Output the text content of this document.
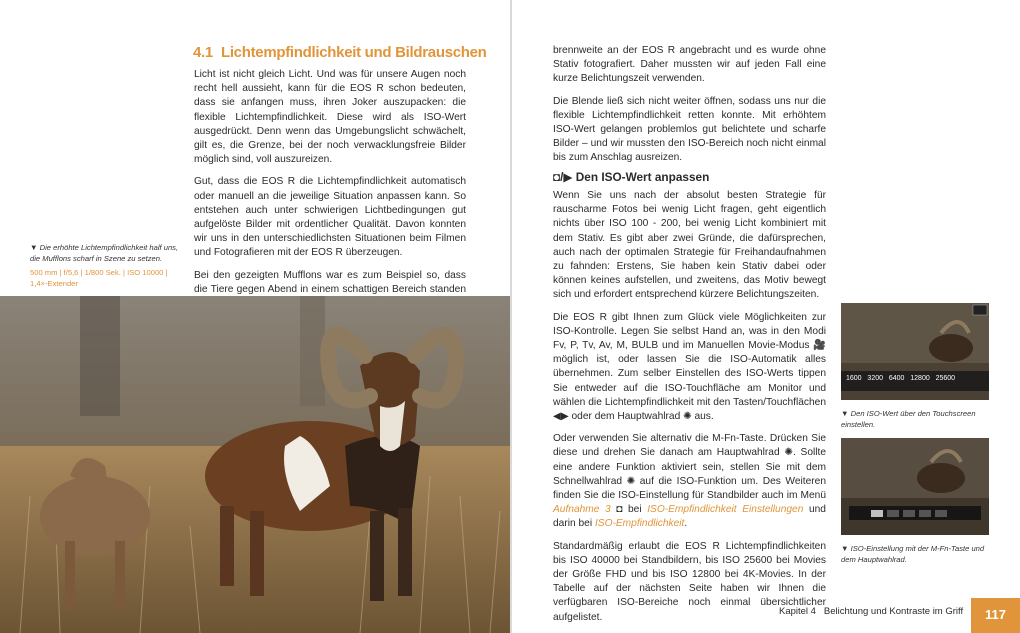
4.1 Lichtempfindlichkeit und Bildrauschen

Licht ist nicht gleich Licht. Und was für unsere Augen noch recht hell aussieht, kann für die EOS R schon bedeuten, dass sie anfangen muss, ihren Joker auszupacken: die flexible Lichtempfindlichkeit. Diese wird als ISO-Wert ausgedrückt. Denn wenn das Umgebungslicht schwächelt, gilt es, die Grenze, bei der noch verwacklungsfreie Bilder möglich sind, voll auszureizen.

Gut, dass die EOS R die Lichtempfindlichkeit automatisch oder manuell an die jeweilige Situation anpassen kann. So entstehen auch unter schwierigen Lichtbedingungen gut aufgelöste Bilder mit ordentlicher Qualität. Davon konnten wir uns in den unterschiedlichsten Situationen beim Filmen und Fotografieren mit der EOS R überzeugen.

Bei den gezeigten Mufflons war es zum Beispiel so, dass die Tiere gegen Abend in einem schattigen Bereich standen

▼ Die erhöhte Lichtempfindlichkeit half uns, die Mufflons scharf in Szene zu setzen.
500 mm | f/5,6 | 1/800 Sek. | ISO 10000 | 1,4×-Extender

brennweite an der EOS R angebracht und es wurde ohne Stativ fotografiert. Daher mussten wir auf jeden Fall eine kurze Belichtungszeit verwenden.

Die Blende ließ sich nicht weiter öffnen, sodass uns nur die flexible Lichtempfindlichkeit retten konnte. Mit erhöhtem ISO-Wert gelangen problemlos gut belichtete und scharfe Bilder – und wir mussten den ISO-Bereich noch nicht einmal bis zum Anschlag ausreizen.

◘/▶ Den ISO-Wert anpassen

Wenn Sie uns nach der absolut besten Strategie für rauscharme Fotos bei wenig Licht fragen, geht eigentlich nichts über ISO 100 - 200, bei wenig Licht kombiniert mit dem Stativ. Es gibt aber zwei Gründe, die dafürsprechen, auch nach der optimalen Strategie für Freihandaufnahmen zu fahnden: Erstens, Sie haben kein Stativ dabei oder können keines aufstellen, und zweitens, das Motiv bewegt sich und erfordert entsprechend kürzere Belichtungszeiten.

Die EOS R gibt Ihnen zum Glück viele Möglichkeiten zur ISO-Kontrolle. Legen Sie selbst Hand an, was in den Modi Fv, P, Tv, Av, M, BULB und im Manuellen Movie-Modus 🎥 möglich ist, oder lassen Sie die ISO-Automatik alles übernehmen. Zum selber Einstellen des ISO-Werts tippen Sie entweder auf die ISO-Touchfläche am Monitor und wählen die Lichtempfindlichkeit mit den Tasten/Touchflächen ◀▶ oder dem Hauptwahlrad ✺ aus.

Oder verwenden Sie alternativ die M-Fn-Taste. Drücken Sie diese und drehen Sie danach am Hauptwahlrad ✺. Sollte eine andere Funktion aktiviert sein, stellen Sie mit dem Schnellwahlrad ✺ auf die ISO-Funktion um. Des Weiteren finden Sie die ISO-Einstellung für Standbilder auch im Menü Aufnahme 3 ◘ bei ISO-Empfindlichkeit Einstellungen und darin bei ISO-Empfindlichkeit.

Standardmäßig erlaubt die EOS R Lichtempfindlichkeiten bis ISO 40000 bei Standbildern, bis ISO 25600 bei Movies der Größe FHD und bis ISO 12800 bei 4K-Movies. In der Tabelle auf der nächsten Seite haben wir Ihnen die verfügbaren ISO-Bereiche noch einmal übersichtlicher aufgelistet.

1600 3200 6400 12800 25600
▼ Den ISO-Wert über den Touchscreen einstellen.
▼ ISO-Einstellung mit der M-Fn-Taste und dem Hauptwahlrad.
Kapitel 4 Belichtung und Kontraste im Griff	117
